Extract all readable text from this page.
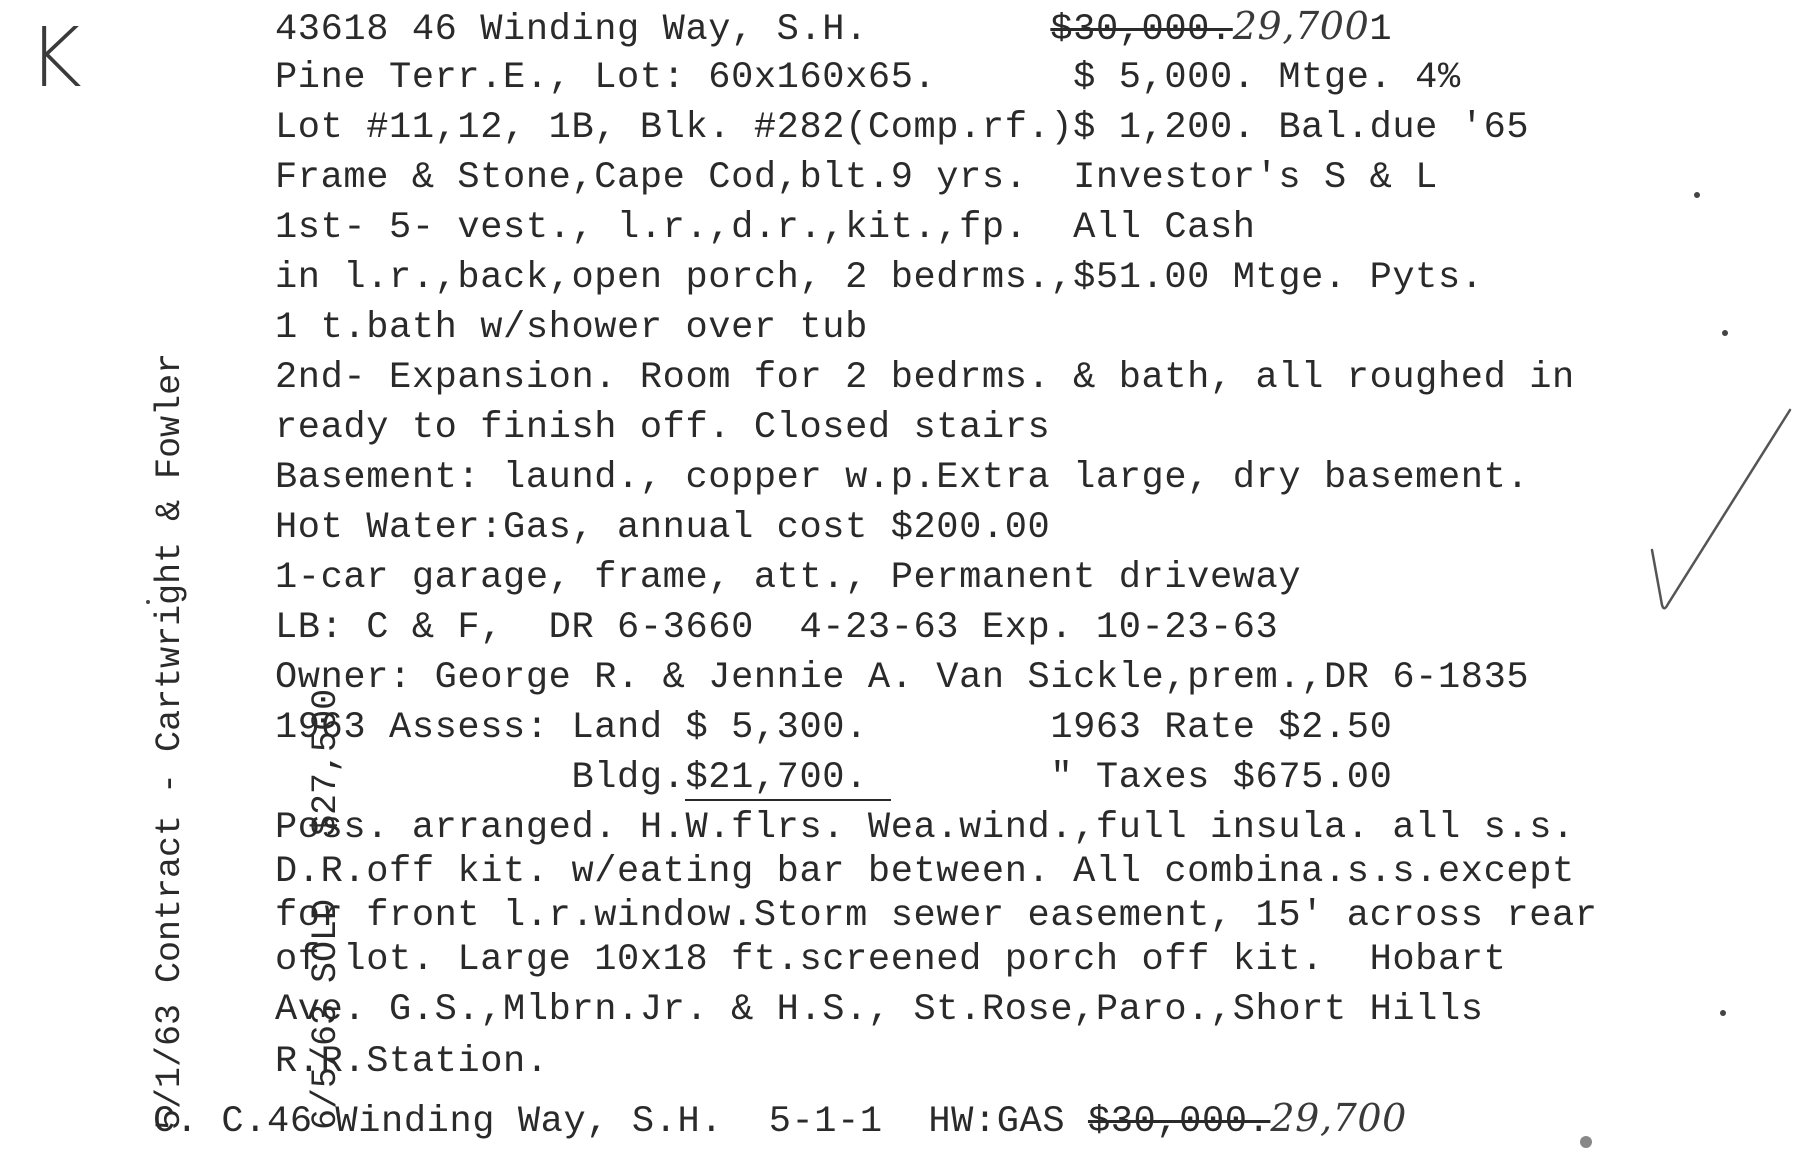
K

5/1/63 Contract - Cartwright & Fowler

	6/5/63 SOLD - $27,500

43618 46 Winding Way, S.H.	$30,000.29,7001
Pine Terr.E., Lot: 60x160x65.      $ 5,000. Mtge. 4%
Lot #11,12, 1B, Blk. #282(Comp.rf.)$ 1,200. Bal.due '65
Frame & Stone,Cape Cod,blt.9 yrs.  Investor's S & L
1st- 5- vest., l.r.,d.r.,kit.,fp.  All Cash
in l.r.,back,open porch, 2 bedrms.,$51.00 Mtge. Pyts.
1 t.bath w/shower over tub
2nd- Expansion. Room for 2 bedrms. & bath, all roughed in
ready to finish off. Closed stairs
Basement: laund., copper w.p.Extra large, dry basement.
Hot Water:Gas, annual cost $200.00
1-car garage, frame, att., Permanent driveway
LB: C & F,  DR 6-3660  4-23-63 Exp. 10-23-63
Owner: George R. & Jennie A. Van Sickle,prem.,DR 6-1835
1963 Assess: Land $ 5,300.        1963 Rate $2.50
Bldg.$21,700.        " Taxes $675.00
Poss. arranged. H.W.flrs. Wea.wind.,full insula. all s.s.
D.R.off kit. w/eating bar between. All combina.s.s.except
for front l.r.window.Storm sewer easement, 15' across rear
of lot. Large 10x18 ft.screened porch off kit.  Hobart
Ave. G.S.,Mlbrn.Jr. & H.S., St.Rose,Paro.,Short Hills
R.R.Station.
C. C.46 Winding Way, S.H.  5-1-1  HW:GAS $30,000.29,700
